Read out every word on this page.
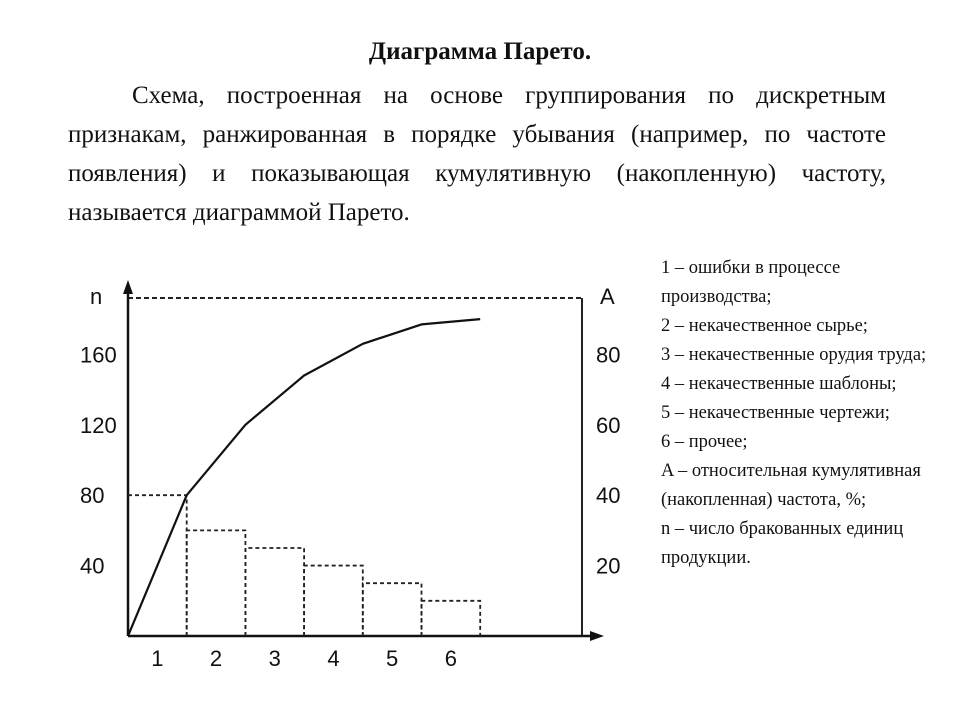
Диаграмма Парето.

Схема, построенная на основе группирования по дискретным признакам, ранжированная в порядке убывания (например, по частоте появления) и показывающая кумулятивную (накопленную) частоту, называется диаграммой Парето.

n	A
40
80
120
160
20
40
60
80
1 2 3 4 5 6
1 – ошибки в процессе производства;
2 – некачественное сырье;
3 – некачественные орудия труда;
4 – некачественные шаблоны;
5 – некачественные чертежи;
6 – прочее;
A – относительная кумулятивная (накопленная) частота, %;
n – число бракованных единиц продукции.
